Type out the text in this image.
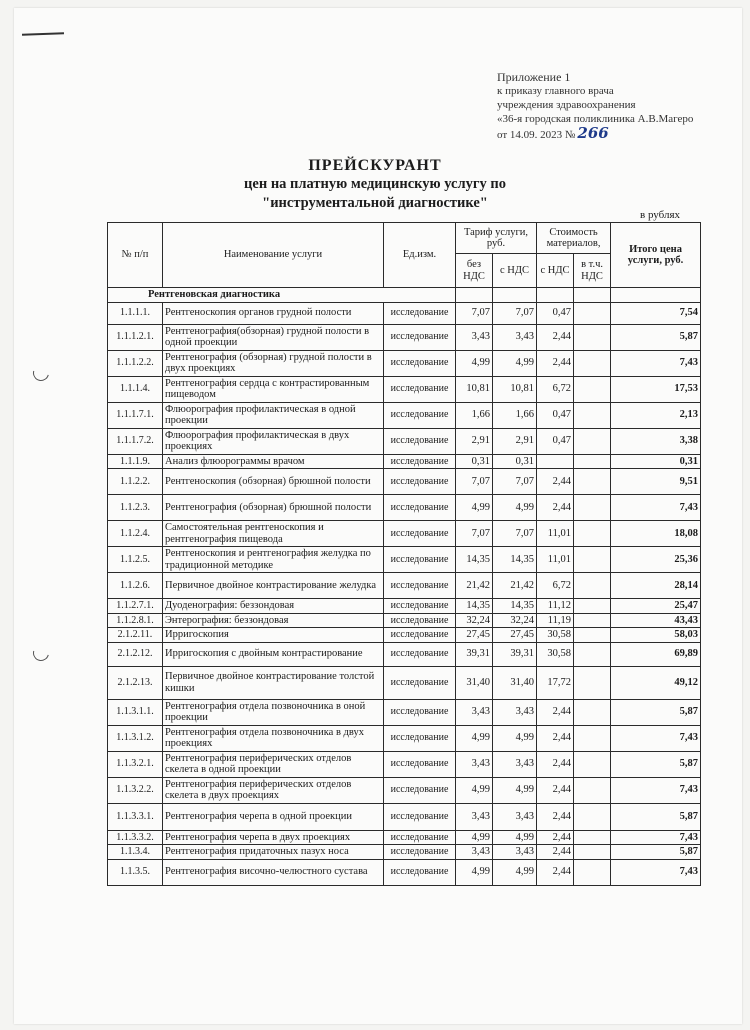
Приложение 1
к приказу главного врача
учреждения здравоохранения
«36-я городская поликлиника А.В.Магеро
от 14.09. 2023 № 266
ПРЕЙСКУРАНТ
цен на платную медицинскую услугу по
"инструментальной диагностике"
в рублях
№ п/п	Наименование услуги	Ед.изм.	Тариф услуги, руб.		Стоимость материалов,		Итого цена услуги, руб.
			без НДС	с НДС	с НДС	в т.ч. НДС	
Рентгеновская диагностика							
1.1.1.1.	Рентгеноскопия органов грудной полости	исследование	7,07	7,07	0,47		7,54
1.1.1.2.1.	Рентгенография(обзорная) грудной полости в одной проекции	исследование	3,43	3,43	2,44		5,87
1.1.1.2.2.	Рентгенография (обзорная) грудной полости в двух проекциях	исследование	4,99	4,99	2,44		7,43
1.1.1.4.	Рентгенография сердца с контрастированным пищеводом	исследование	10,81	10,81	6,72		17,53
1.1.1.7.1.	Флюорография профилактическая в одной проекции	исследование	1,66	1,66	0,47		2,13
1.1.1.7.2.	Флюорография профилактическая в двух проекциях	исследование	2,91	2,91	0,47		3,38
1.1.1.9.	Анализ флюорограммы врачом	исследование	0,31	0,31			0,31
1.1.2.2.	Рентгеноскопия (обзорная) брюшной полости	исследование	7,07	7,07	2,44		9,51
1.1.2.3.	Рентгенография (обзорная) брюшной полости	исследование	4,99	4,99	2,44		7,43
1.1.2.4.	Самостоятельная рентгеноскопия и рентгенография пищевода	исследование	7,07	7,07	11,01		18,08
1.1.2.5.	Рентгеноскопия и рентгенография желудка по традиционной методике	исследование	14,35	14,35	11,01		25,36
1.1.2.6.	Первичное двойное контрастирование желудка	исследование	21,42	21,42	6,72		28,14
1.1.2.7.1.	Дуоденография: беззондовая	исследование	14,35	14,35	11,12		25,47
1.1.2.8.1.	Энтерография: беззондовая	исследование	32,24	32,24	11,19		43,43
2.1.2.11.	Ирригоскопия	исследование	27,45	27,45	30,58		58,03
2.1.2.12.	Ирригоскопия с двойным контрастирование	исследование	39,31	39,31	30,58		69,89
2.1.2.13.	Первичное двойное контрастирование толстой кишки	исследование	31,40	31,40	17,72		49,12
1.1.3.1.1.	Рентгенография отдела позвоночника в оной проекции	исследование	3,43	3,43	2,44		5,87
1.1.3.1.2.	Рентгенография отдела позвоночника в двух проекциях	исследование	4,99	4,99	2,44		7,43
1.1.3.2.1.	Рентгенография периферических отделов скелета в одной проекции	исследование	3,43	3,43	2,44		5,87
1.1.3.2.2.	Рентгенография периферических отделов скелета в двух проекциях	исследование	4,99	4,99	2,44		7,43
1.1.3.3.1.	Рентгенография черепа в одной проекции	исследование	3,43	3,43	2,44		5,87
1.1.3.3.2.	Рентгенография черепа в двух проекциях	исследование	4,99	4,99	2,44		7,43
1.1.3.4.	Рентгенография придаточных пазух носа	исследование	3,43	3,43	2,44		5,87
1.1.3.5.	Рентгенография височно-челюстного сустава	исследование	4,99	4,99	2,44		7,43
